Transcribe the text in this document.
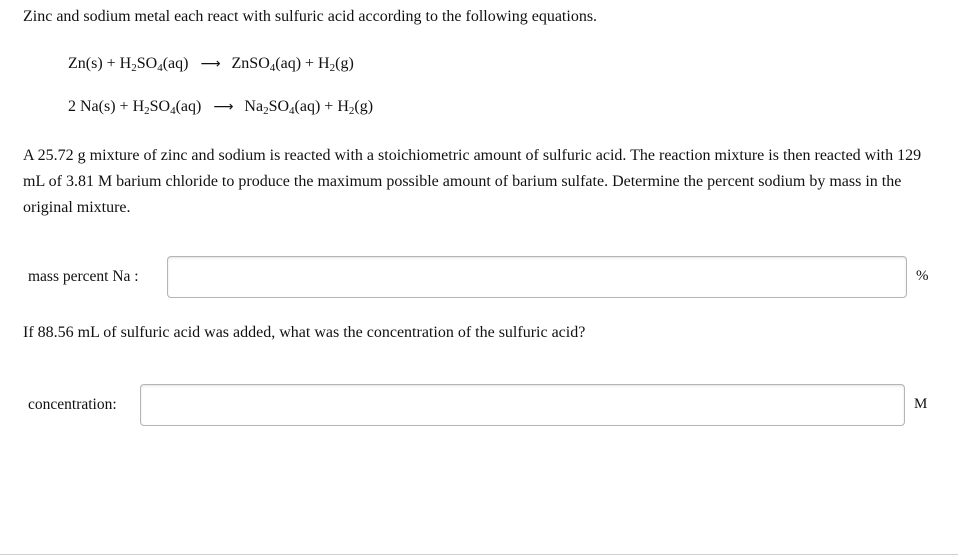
Zinc and sodium metal each react with sulfuric acid according to the following equations.
$Zn(s) + H_2SO_4(aq)$ ⟶ ZnSO$_4$(aq) + $H_2(g)$
2 $Na(s) + H_2SO_4(aq)$ ⟶ $Na_2SO_4(aq) + H_2(g)$
A 25.72 g mixture of zinc and sodium is reacted with a stoichiometric amount of sulfuric acid. The reaction mixture is then reacted with 129 mL of 3.81 M barium chloride to produce the maximum possible amount of barium sulfate. Determine the percent sodium by mass in the original mixture.
mass percent Na :	%
If 88.56 mL of sulfuric acid was added, what was the concentration of the sulfuric acid?
concentration:	M
